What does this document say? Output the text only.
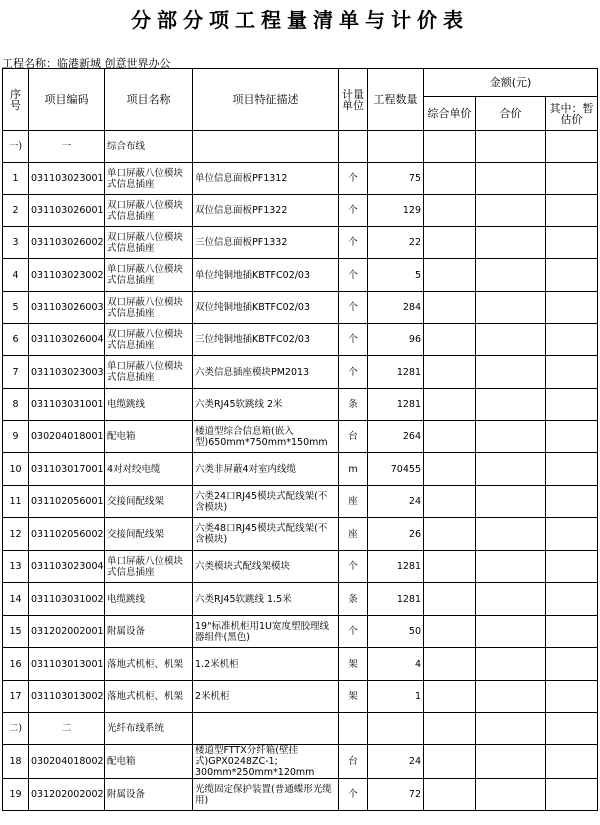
分部分项工程量清单与计价表
工程名称：临港新城 创意世界办公
序号	项目编码	项目名称	项目特征描述	计量单位	工程数量	金额(元)		
						综合单价	合价	其中：暂估价
一)	一	综合布线						
1	031103023001	单口屏蔽八位模块式信息插座	单位信息面板PF1312	个	75			
2	031103026001	双口屏蔽八位模块式信息插座	双位信息面板PF1322	个	129			
3	031103026002	双口屏蔽八位模块式信息插座	三位信息面板PF1332	个	22			
4	031103023002	单口屏蔽八位模块式信息插座	单位纯铜地插KBTFC02/03	个	5			
5	031103026003	双口屏蔽八位模块式信息插座	双位纯铜地插KBTFC02/03	个	284			
6	031103026004	双口屏蔽八位模块式信息插座	三位纯铜地插KBTFC02/03	个	96			
7	031103023003	单口屏蔽八位模块式信息插座	六类信息插座模块PM2013	个	1281			
8	031103031001	电缆跳线	六类RJ45软跳线 2米	条	1281			
9	030204018001	配电箱	楼道型综合信息箱(嵌入型)650mm*750mm*150mm	台	264			
10	031103017001	4对对绞电缆	六类非屏蔽4对室内线缆	m	70455			
11	031102056001	交接间配线架	六类24口RJ45模块式配线架(不含模块)	座	24			
12	031102056002	交接间配线架	六类48口RJ45模块式配线架(不含模块)	座	26			
13	031103023004	单口屏蔽八位模块式信息插座	六类模块式配线架模块	个	1281			
14	031103031002	电缆跳线	六类RJ45软跳线 1.5米	条	1281			
15	031202002001	附属设备	19"标准机柜用1U宽度塑胶理线器组件(黑色)	个	50			
16	031103013001	落地式机柜、机架	1.2米机柜	架	4			
17	031103013002	落地式机柜、机架	2米机柜	架	1			
二)	二	光纤布线系统						
18	030204018002	配电箱	楼道型FTTX分纤箱(壁挂式)GPX0248ZC-1; 300mm*250mm*120mm	台	24			
19	031202002002	附属设备	光缆固定保护装置(普通蝶形光缆用)	个	72			
